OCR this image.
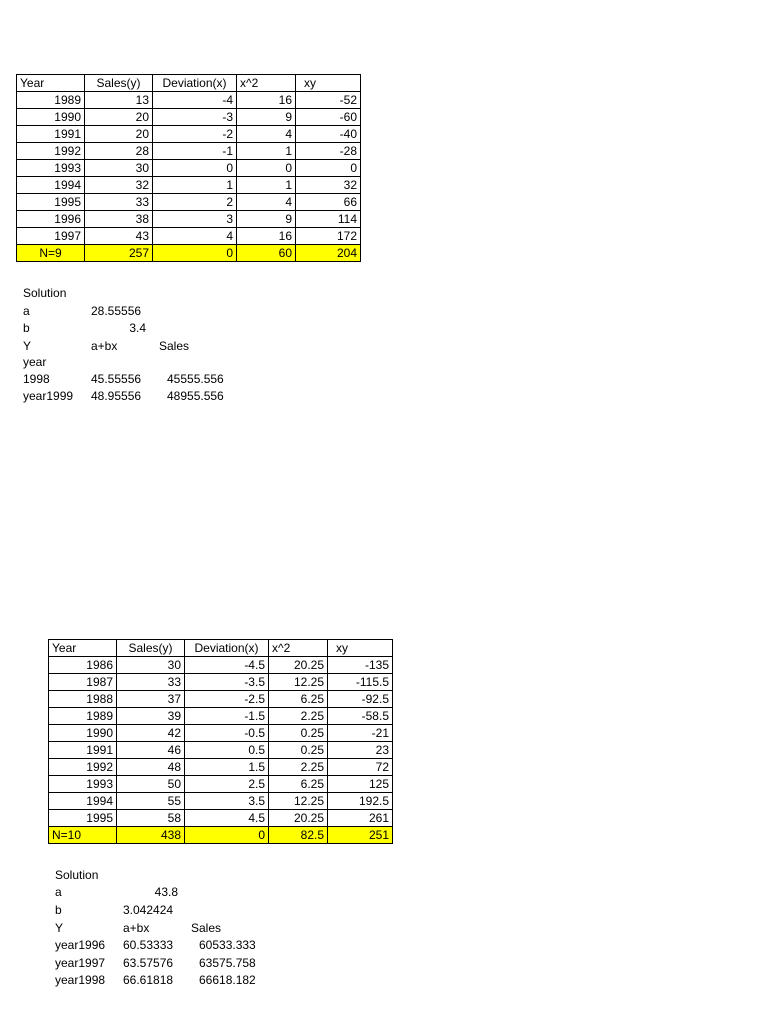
Year	Sales(y)	Deviation(x)	x^2	xy
1989	13	-4	16	-52
1990	20	-3	9	-60
1991	20	-2	4	-40
1992	28	-1	1	-28
1993	30	0	0	0
1994	32	1	1	32
1995	33	2	4	66
1996	38	3	9	114
1997	43	4	16	172
N=9	257	0	60	204
Solution
a	28.55556
b	3.4
Y	a+bx	Sales
year
1998	45.55556 45555.556
year1999 48.95556 48955.556
Year	Sales(y)	Deviation(x)	x^2	xy
1986	30	-4.5	20.25	-135
1987	33	-3.5	12.25	-115.5
1988	37	-2.5	6.25	-92.5
1989	39	-1.5	2.25	-58.5
1990	42	-0.5	0.25	-21
1991	46	0.5	0.25	23
1992	48	1.5	2.25	72
1993	50	2.5	6.25	125
1994	55	3.5	12.25	192.5
1995	58	4.5	20.25	261
N=10	438	0	82.5	251
Solution
a	43.8
b	3.042424
Y	a+bx	Sales
year1996 60.53333 60533.333
year1997 63.57576 63575.758
year1998 66.61818 66618.182
